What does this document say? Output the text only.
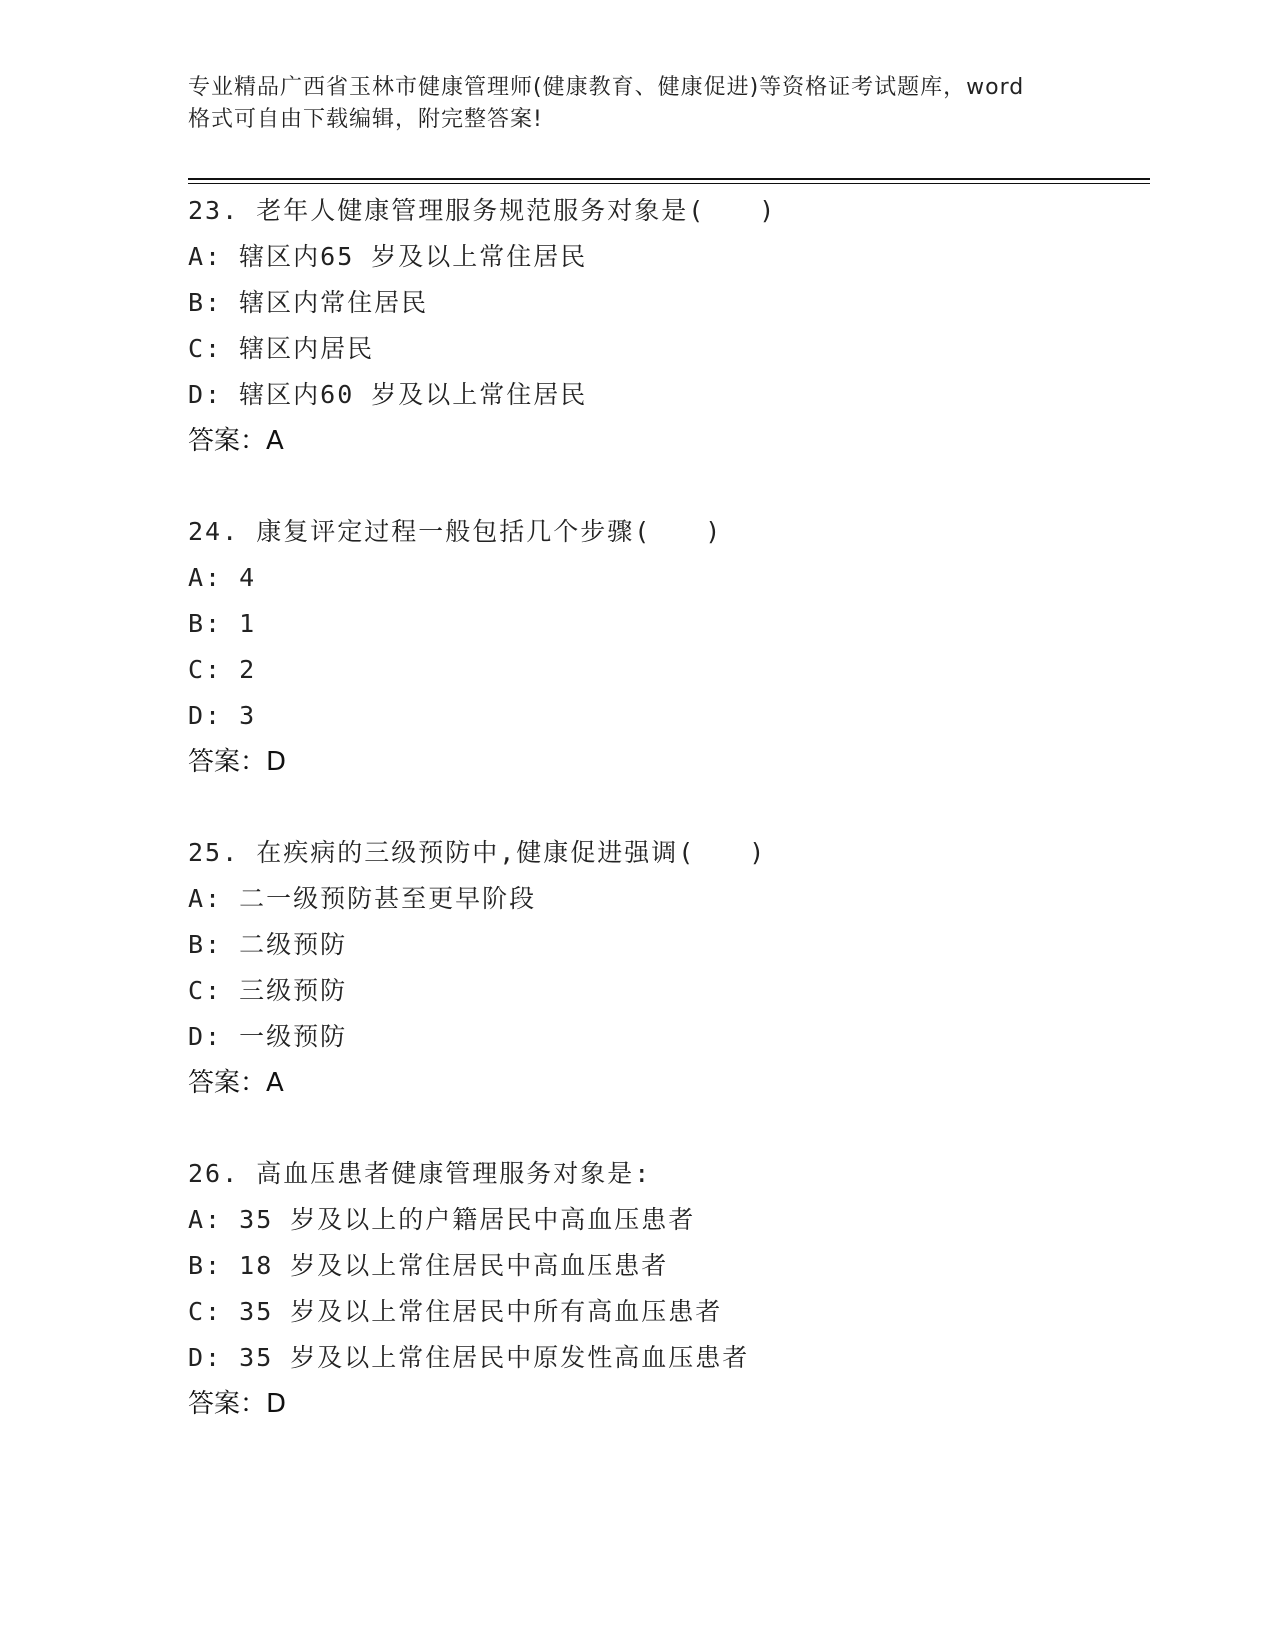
专业精品广西省玉林市健康管理师(健康教育、健康促进)等资格证考试题库，word
格式可自由下载编辑，附完整答案!
23. 老年人健康管理服务规范服务对象是(　　)
A: 辖区内65 岁及以上常住居民
B: 辖区内常住居民
C: 辖区内居民
D: 辖区内60 岁及以上常住居民
答案：A
24. 康复评定过程一般包括几个步骤(　　)
A: 4
B: 1
C: 2
D: 3
答案：D
25. 在疾病的三级预防中,健康促进强调(　　)
A: 二一级预防甚至更早阶段
B: 二级预防
C: 三级预防
D: 一级预防
答案：A
26. 高血压患者健康管理服务对象是:
A: 35 岁及以上的户籍居民中高血压患者
B: 18 岁及以上常住居民中高血压患者
C: 35 岁及以上常住居民中所有高血压患者
D: 35 岁及以上常住居民中原发性高血压患者
答案：D
